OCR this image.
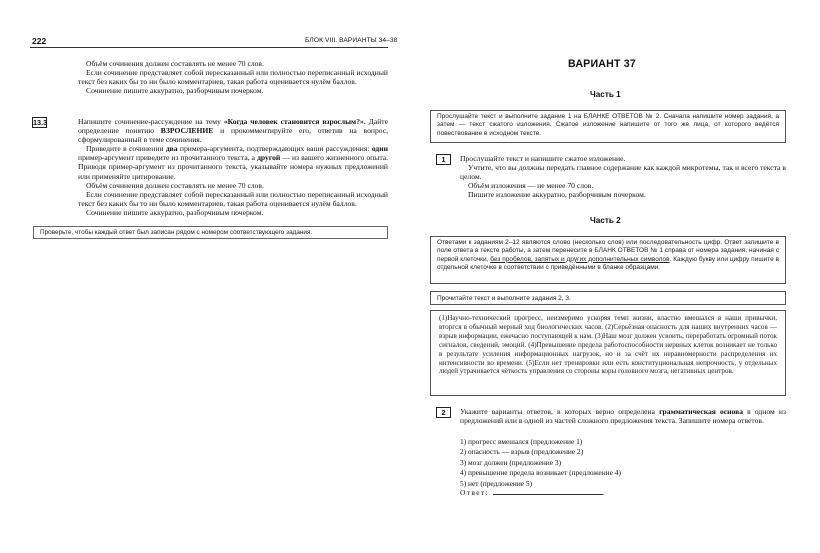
222	БЛОК VIII. ВАРИАНТЫ 34–38

Объём сочинения должен составлять не менее 70 слов.

Если сочинение представляет собой пересказанный или полностью переписанный исходный текст без каких бы то ни было комментариев, такая работа оценивается нулём баллов.

Сочинение пишите аккуратно, разборчивым почерком.

13.3	Напишите сочинение-рассуждение на тему «Когда человек становится взрослым?». Дайте определение понятию ВЗРОСЛЕНИЕ и прокомментируйте его, ответив на вопрос, сформулированный в теме сочинения.

Приведите в сочинении два примера-аргумента, подтверждающих ваши рассуждения: один пример-аргумент приведите из прочитанного текста, а другой — из вашего жизненного опыта. Приводя пример-аргумент из прочитанного текста, указывайте номера нужных предложений или применяйте цитирование.

Объём сочинения должен составлять не менее 70 слов.

Если сочинение представляет собой пересказанный или полностью переписанный исходный текст без каких бы то ни было комментариев, такая работа оценивается нулём баллов.

Сочинение пишите аккуратно, разборчивым почерком.

Проверьте, чтобы каждый ответ был записан рядом с номером соответствующего задания.
ВАРИАНТ 37
Часть 1
Прослушайте текст и выполните задание 1 на БЛАНКЕ ОТВЕТОВ № 2. Сначала напишите номер задания, а затем — текст сжатого изложения. Сжатое изложение напишите от того же лица, от которого ведётся повествование в исходном тексте.
1	Прослушайте текст и напишите сжатое изложение.

Учтите, что вы должны передать главное содержание как каждой микротемы, так и всего текста в целом.

Объём изложения — не менее 70 слов.

Пишите изложение аккуратно, разборчивым почерком.

Часть 2
Ответами к заданиям 2–12 являются слово (несколько слов) или последовательность цифр. Ответ запишите в поле ответа в тексте работы, а затем перенесите в БЛАНК ОТВЕТОВ № 1 справа от номера задания, начиная с первой клеточки, без пробелов, запятых и других дополнительных символов. Каждую букву или цифру пишите в отдельной клеточке в соответствии с приведёнными в бланке образцами.
Прочитайте текст и выполните задания 2, 3.
(1)Научно-технический прогресс, неизмеримо ускоряя темп жизни, властно вмешался в наши привычки, вторгся в обычный мерный ход биологических часов. (2)Серьёзная опасность для наших внутренних часов — взрыв информации, ежечасно поступающей к нам. (3)Наш мозг должен усвоить, переработать огромный поток сигналов, сведений, эмоций. (4)Превышение предела работоспособности нервных клеток возникает не только в результате усиления информационных нагрузок, но и за счёт их неравномерности распределения их интенсивности во времени. (5)Если нет тренировки или есть конституциональная непрочность, у отдельных людей утрачивается чёткость управления со стороны коры головного мозга, негативных центров.
2	Укажите варианты ответов, в которых верно определена грамматическая основа в одном из предложений или в одной из частей сложного предложения текста. Запишите номера ответов.

1) прогресс вмешался (предложение 1)
2) опасность — взрыв (предложение 2)
3) мозг должен (предложение 3)
4) превышение предела возникает (предложение 4)
5) нет (предложение 5)
Ответ:	.
